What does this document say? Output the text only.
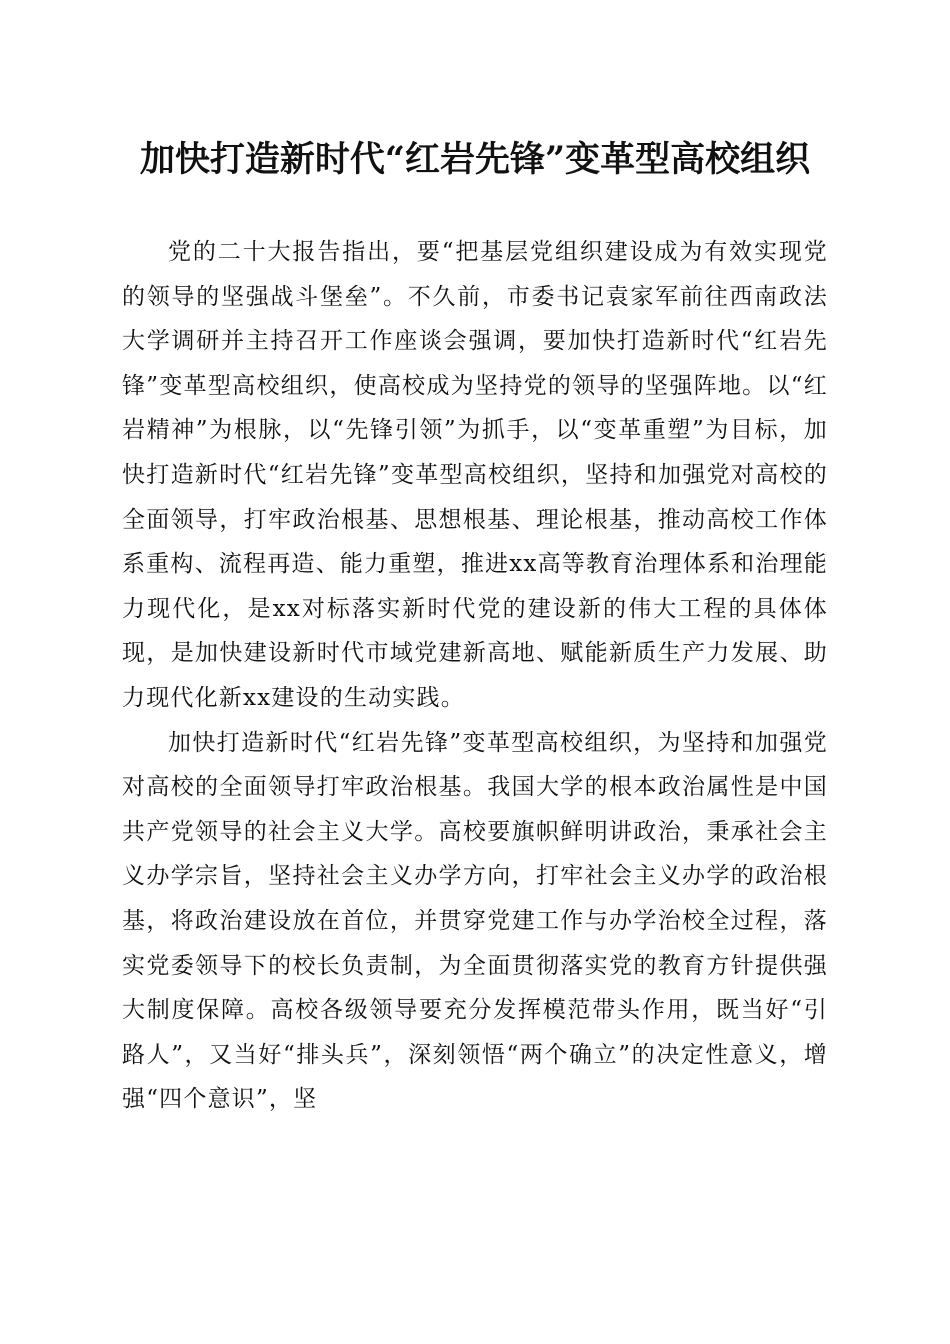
加快打造新时代“红岩先锋”变革型高校组织

党的二十大报告指出，要“把基层党组织建设成为有效实现党的领导的坚强战斗堡垒”。不久前，市委书记袁家军前往西南政法大学调研并主持召开工作座谈会强调，要加快打造新时代“红岩先锋”变革型高校组织，使高校成为坚持党的领导的坚强阵地。以“红岩精神”为根脉，以“先锋引领”为抓手，以“变革重塑”为目标，加快打造新时代“红岩先锋”变革型高校组织，坚持和加强党对高校的全面领导，打牢政治根基、思想根基、理论根基，推动高校工作体系重构、流程再造、能力重塑，推进xx高等教育治理体系和治理能力现代化，是xx对标落实新时代党的建设新的伟大工程的具体体现，是加快建设新时代市域党建新高地、赋能新质生产力发展、助力现代化新xx建设的生动实践。

加快打造新时代“红岩先锋”变革型高校组织，为坚持和加强党对高校的全面领导打牢政治根基。我国大学的根本政治属性是中国共产党领导的社会主义大学。高校要旗帜鲜明讲政治，秉承社会主义办学宗旨，坚持社会主义办学方向，打牢社会主义办学的政治根基，将政治建设放在首位，并贯穿党建工作与办学治校全过程，落实党委领导下的校长负责制，为全面贯彻落实党的教育方针提供强大制度保障。高校各级领导要充分发挥模范带头作用，既当好“引路人”，又当好“排头兵”，深刻领悟“两个确立”的决定性意义，增强“四个意识”，坚
